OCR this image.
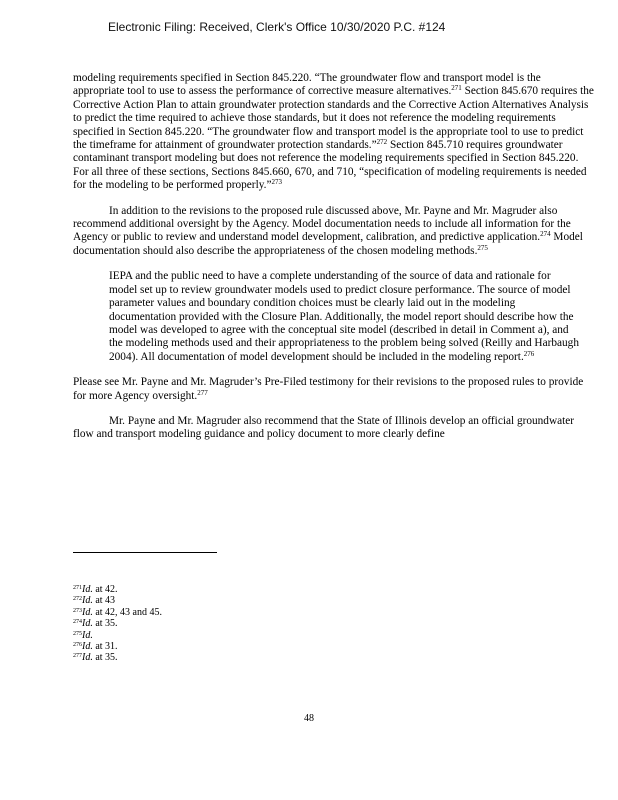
Electronic Filing: Received, Clerk's Office 10/30/2020 P.C. #124

modeling requirements specified in Section 845.220. “The groundwater flow and transport model is the appropriate tool to use to assess the performance of corrective measure alternatives.$^{271}$ Section 845.670 requires the Corrective Action Plan to attain groundwater protection standards and the Corrective Action Alternatives Analysis to predict the time required to achieve those standards, but it does not reference the modeling requirements specified in Section 845.220. “The groundwater flow and transport model is the appropriate tool to use to predict the timeframe for attainment of groundwater protection standards.”$^{272}$ Section 845.710 requires groundwater contaminant transport modeling but does not reference the modeling requirements specified in Section 845.220. For all three of these sections, Sections 845.660, 670, and 710, “specification of modeling requirements is needed for the modeling to be performed properly.”$^{273}$

In addition to the revisions to the proposed rule discussed above, Mr. Payne and Mr. Magruder also recommend additional oversight by the Agency. Model documentation needs to include all information for the Agency or public to review and understand model development, calibration, and predictive application.$^{274}$ Model documentation should also describe the appropriateness of the chosen modeling methods.$^{275}$

IEPA and the public need to have a complete understanding of the source of data and rationale for model set up to review groundwater models used to predict closure performance. The source of model parameter values and boundary condition choices must be clearly laid out in the modeling documentation provided with the Closure Plan. Additionally, the model report should describe how the model was developed to agree with the conceptual site model (described in detail in Comment a), and the modeling methods used and their appropriateness to the problem being solved (Reilly and Harbaugh 2004). All documentation of model development should be included in the modeling report.$^{276}$

Please see Mr. Payne and Mr. Magruder’s Pre-Filed testimony for their revisions to the proposed rules to provide for more Agency oversight.$^{277}$

Mr. Payne and Mr. Magruder also recommend that the State of Illinois develop an official groundwater flow and transport modeling guidance and policy document to more clearly define

$^{271}$Id. at 42.
$^{272}$Id. at 43
$^{273}$Id. at 42, 43 and 45.
$^{274}$Id. at 35.
$^{275}$Id.
$^{276}$Id. at 31.
$^{277}$Id. at 35.
48
